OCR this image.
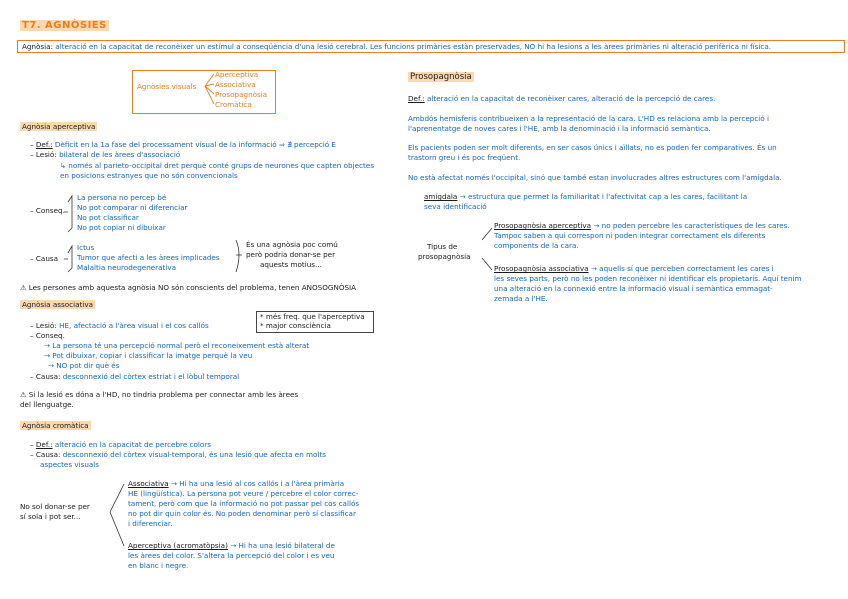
T7. AGNÒSIES
Agnòsia: alteració en la capacitat de reconèixer un estímul a conseqüència d'una lesió cerebral. Les funcions primàries estàn preservades, NO hi ha lesions a les àrees primàries ni alteració perifèrica ni física.
Agnòsies visuals
Aperceptiva
Associativa
Prosopagnòsia
Cromàtica
Agnòsia aperceptiva
– Def.: Dèficit en la 1a fase del processament visual de la informació ⇒ ∄ percepció E
– Lesió: bilateral de les àrees d'associació
↳ només al parieto-occipital dret perquè conté grups de neurones que capten objectes
en posicions estranyes que no són convencionals
– Conseq.
La persona no percep bé
No pot comparar ni diferenciar
No pot classificar
No pot copiar ni dibuixar
– Causa
Ictus
Tumor que afecti a les àrees implicades
Malaltia neurodegenerativa
És una agnòsia poc comú
però podria donar-se per
aquests motius...
⚠ Les persones amb aquesta agnòsia NO són conscients del problema, tenen ANOSOGNÒSIA
Agnòsia associativa
* més freq. que l'aperceptiva
* major consciència
– Lesió: HE, afectació a l'àrea visual i el cos callós
– Conseq.
→ La persona té una percepció normal però el reconeixement està alterat
→ Pot dibuixar, copiar i classificar la imatge perquè la veu
→ NO pot dir què és
– Causa: desconnexió del còrtex estriat i el lòbul temporal
⚠ Si la lesió es dóna a l'HD, no tindria problema per connectar amb les àrees
del llenguatge.
Agnòsia cromàtica
– Def.: alteració en la capacitat de percebre colors
– Causa: desconnexió del còrtex visual-temporal, és una lesió que afecta en molts
aspectes visuals
No sol donar-se per
sí sola i pot ser...
Associativa → Hi ha una lesió al cos callós i a l'àrea primària
HE (lingüística). La persona pot veure / percebre el color correc-
tament, però com que la informació no pot passar pel cos callós
no pot dir quin color és. No poden denominar però sí classificar
i diferenciar.
Aperceptiva (acromatòpsia) → Hi ha una lesió bilateral de
les àrees del color. S'altera la percepció del color i es veu
en blanc i negre.
Prosopagnòsia
Def.: alteració en la capacitat de reconèixer cares, alteració de la percepció de cares.
Ambdós hemisferis contribueixen a la representació de la cara. L'HD es relaciona amb la percepció i
l'aprenentatge de noves cares i l'HE, amb la denominació i la informació semàntica.
Els pacients poden ser molt diferents, en ser casos únics i aïllats, no es poden fer comparatives. És un
trastorn greu i és poc freqüent.
No està afectat només l'occipital, sinó que també estan involucrades altres estructures com l'amígdala.
amígdala → estructura que permet la familiaritat i l'afectivitat cap a les cares, facilitant la
seva identificació
Tipus de
prosopagnòsia
Prosopagnòsia aperceptiva → no poden percebre les característiques de les cares.
Tampoc saben a qui correspon ni poden integrar correctament els diferents
components de la cara.
Prosopagnòsia associativa → aquells sí que perceben correctament les cares i
les seves parts, però no les poden reconèixer ni identificar els propietaris. Aquí tenim
una alteració en la connexió entre la informació visual i semàntica emmagat-
zemada a l'HE.
